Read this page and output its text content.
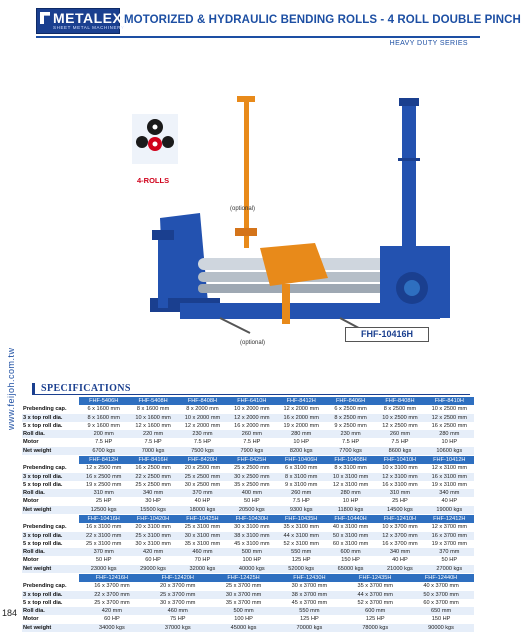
METALEX
SHEET METAL MACHINERY
MOTORIZED & HYDRAULIC BENDING ROLLS - 4 ROLL DOUBLE PINCH
HEAVY DUTY SERIES
www.feijoh.com.tw
184
4-ROLLS
(optional)
(optional)
FHF-10416H
SPECIFICATIONS
	FHF-5406H	FHF-5408H	FHF-8408H	FHF-6410H	FHF-8412H	FHF-8406H	FHF-8408H	FHF-8410H
Prebending cap.	6 x 1600 mm	8 x 1600 mm	8 x 2000 mm	10 x 2000 mm	12 x 2000 mm	6 x 2500 mm	8 x 2500 mm	10 x 2500 mm
3 x top roll dia.	8 x 1600 mm	10 x 1600 mm	10 x 2000 mm	12 x 2000 mm	16 x 2000 mm	8 x 2500 mm	10 x 2500 mm	12 x 2500 mm
5 x top roll dia.	9 x 1600 mm	12 x 1600 mm	12 x 2000 mm	16 x 2000 mm	19 x 2000 mm	9 x 2500 mm	12 x 2500 mm	16 x 2500 mm
Roll dia.	200 mm	220 mm	230 mm	260 mm	280 mm	230 mm	260 mm	280 mm
Motor	7.5 HP	7.5 HP	7.5 HP	7.5 HP	10 HP	7.5 HP	7.5 HP	10 HP
Net weight	6700 kgs	7000 kgs	7500 kgs	7900 kgs	8200 kgs	7700 kgs	8600 kgs	10600 kgs
	FHF-8412H	FHF-8416H	FHF-8420H	FHF-8425H	FHF-10406H	FHF-10408H	FHF-10410H	FHF-10412H
Prebending cap.	12 x 2500 mm	16 x 2500 mm	20 x 2500 mm	25 x 2500 mm	6 x 3100 mm	8 x 3100 mm	10 x 3100 mm	12 x 3100 mm
3 x top roll dia.	16 x 2500 mm	22 x 2500 mm	25 x 2500 mm	30 x 2500 mm	8 x 3100 mm	10 x 3100 mm	12 x 3100 mm	16 x 3100 mm
5 x top roll dia.	19 x 2500 mm	25 x 2500 mm	30 x 2500 mm	35 x 2500 mm	9 x 3100 mm	12 x 3100 mm	16 x 3100 mm	19 x 3100 mm
Roll dia.	310 mm	340 mm	370 mm	400 mm	260 mm	280 mm	310 mm	340 mm
Motor	25 HP	30 HP	40 HP	50 HP	7.5 HP	10 HP	25 HP	40 HP
Net weight	12500 kgs	15500 kgs	18000 kgs	20500 kgs	9300 kgs	11800 kgs	14500 kgs	19000 kgs
	FHF-10416H	FHF-10420H	FHF-10425H	FHF-10430H	FHF-10435H	FHF-10440H	FHF-12410H	FHF-12412H
Prebending cap.	16 x 3100 mm	20 x 3100 mm	25 x 3100 mm	30 x 3100 mm	35 x 3100 mm	40 x 3100 mm	10 x 3700 mm	12 x 3700 mm
3 x top roll dia.	22 x 3100 mm	25 x 3100 mm	30 x 3100 mm	38 x 3100 mm	44 x 3100 mm	50 x 3100 mm	12 x 3700 mm	16 x 3700 mm
5 x top roll dia.	25 x 3100 mm	30 x 3100 mm	35 x 3100 mm	45 x 3100 mm	52 x 3100 mm	60 x 3100 mm	16 x 3700 mm	19 x 3700 mm
Roll dia.	370 mm	420 mm	460 mm	500 mm	550 mm	600 mm	340 mm	370 mm
Motor	50 HP	60 HP	70 HP	100 HP	125 HP	150 HP	40 HP	50 HP
Net weight	23000 kgs	29000 kgs	32000 kgs	40000 kgs	52000 kgs	65000 kgs	21000 kgs	27000 kgs
	FHF-12416H	FHF-12420H	FHF-12425H	FHF-12430H	FHF-12435H	FHF-12440H
Prebending cap.	16 x 3700 mm	20 x 3700 mm	25 x 3700 mm	30 x 3700 mm	35 x 3700 mm	40 x 3700 mm
3 x top roll dia.	22 x 3700 mm	25 x 3700 mm	30 x 3700 mm	38 x 3700 mm	44 x 3700 mm	50 x 3700 mm
5 x top roll dia.	25 x 3700 mm	30 x 3700 mm	35 x 3700 mm	45 x 3700 mm	52 x 3700 mm	60 x 3700 mm
Roll dia.	420 mm	460 mm	500 mm	550 mm	600 mm	650 mm
Motor	60 HP	75 HP	100 HP	125 HP	125 HP	150 HP
Net weight	34000 kgs	37000 kgs	45000 kgs	70000 kgs	78000 kgs	90000 kgs
